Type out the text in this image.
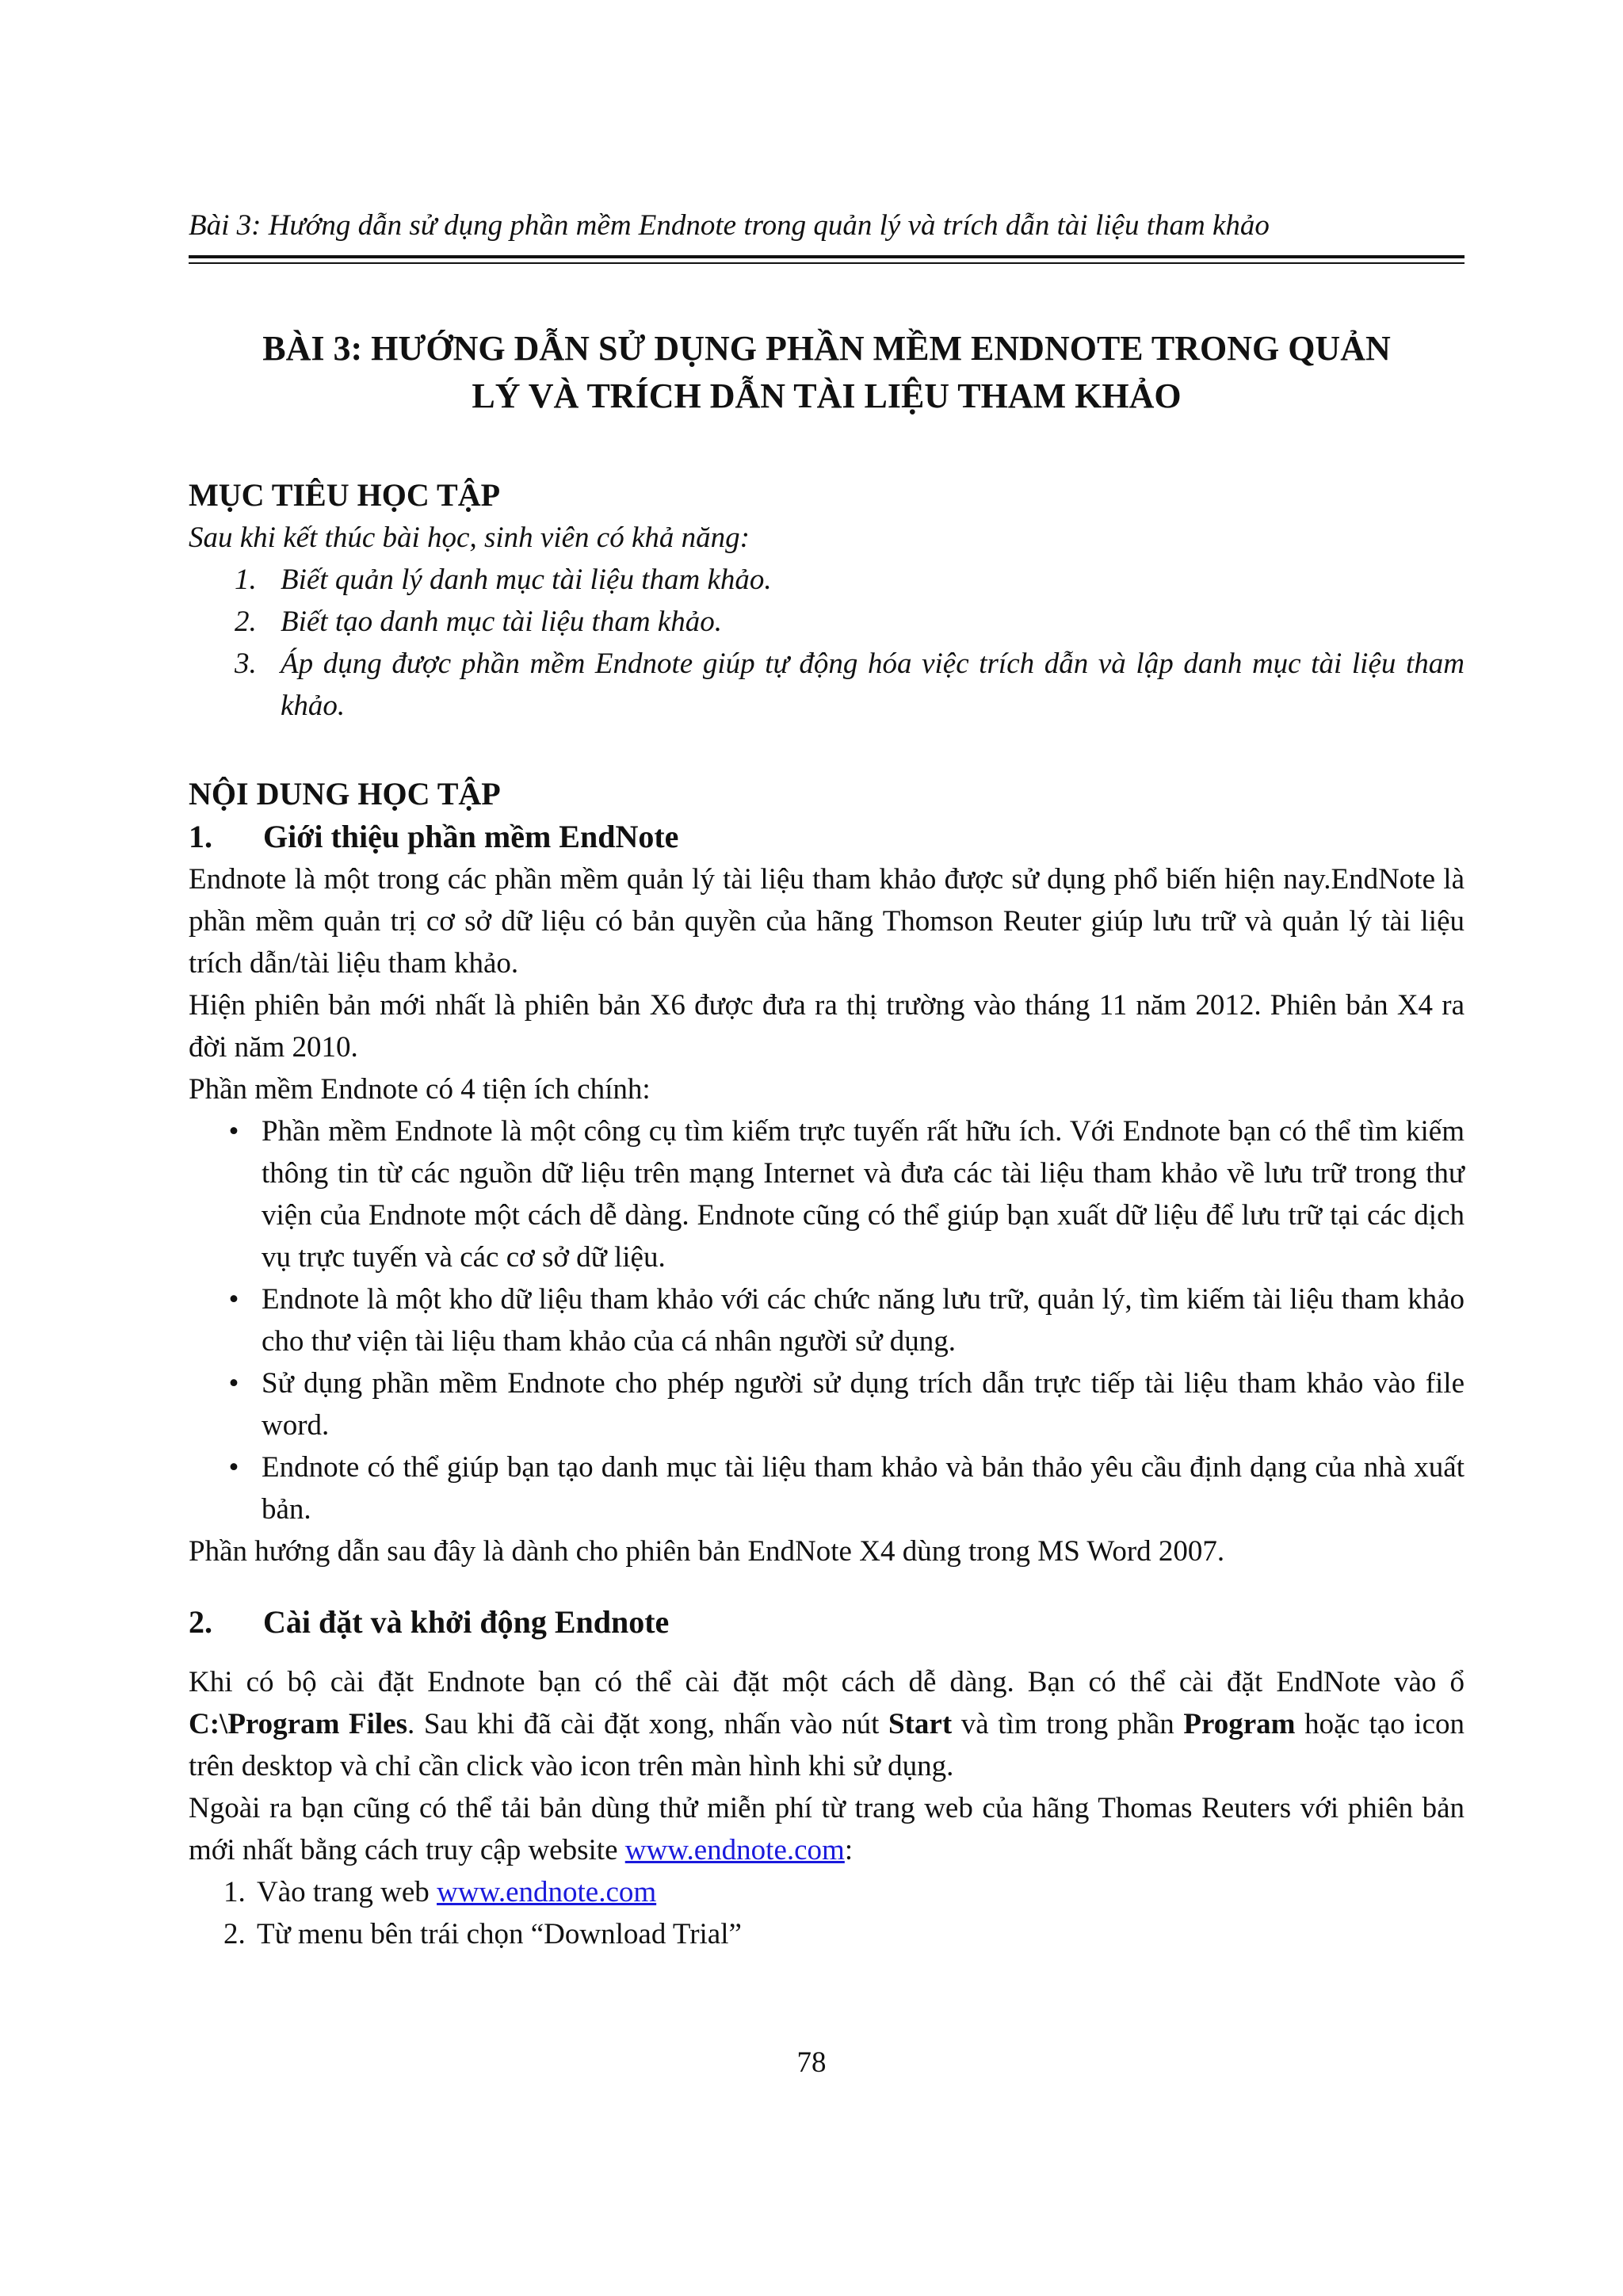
Bài 3: Hướng dẫn sử dụng phần mềm Endnote trong quản lý và trích dẫn tài liệu tham khảo
BÀI 3: HƯỚNG DẪN SỬ DỤNG PHẦN MỀM ENDNOTE TRONG QUẢN
LÝ VÀ TRÍCH DẪN TÀI LIỆU THAM KHẢO
MỤC TIÊU HỌC TẬP

Sau khi kết thúc bài học, sinh viên có khả năng:

1. Biết quản lý danh mục tài liệu tham khảo.
2. Biết tạo danh mục tài liệu tham khảo.
3. Áp dụng được phần mềm Endnote giúp tự động hóa việc trích dẫn và lập danh mục tài liệu tham khảo.
NỘI DUNG HỌC TẬP
1.	Giới thiệu phần mềm EndNote

Endnote là một trong các phần mềm quản lý tài liệu tham khảo được sử dụng phổ biến hiện nay.EndNote là phần mềm quản trị cơ sở dữ liệu có bản quyền của hãng Thomson Reuter giúp lưu trữ và quản lý tài liệu trích dẫn/tài liệu tham khảo.

Hiện phiên bản mới nhất là phiên bản X6 được đưa ra thị trường vào tháng 11 năm 2012. Phiên bản X4 ra đời năm 2010.

Phần mềm Endnote có 4 tiện ích chính:

• Phần mềm Endnote là một công cụ tìm kiếm trực tuyến rất hữu ích. Với Endnote bạn có thể tìm kiếm thông tin từ các nguồn dữ liệu trên mạng Internet và đưa các tài liệu tham khảo về lưu trữ trong thư viện của Endnote một cách dễ dàng. Endnote cũng có thể giúp bạn xuất dữ liệu để lưu trữ tại các dịch vụ trực tuyến và các cơ sở dữ liệu.
• Endnote là một kho dữ liệu tham khảo với các chức năng lưu trữ, quản lý, tìm kiếm tài liệu tham khảo cho thư viện tài liệu tham khảo của cá nhân người sử dụng.
• Sử dụng phần mềm Endnote cho phép người sử dụng trích dẫn trực tiếp tài liệu tham khảo vào file word.
• Endnote có thể giúp bạn tạo danh mục tài liệu tham khảo và bản thảo yêu cầu định dạng của nhà xuất bản.

Phần hướng dẫn sau đây là dành cho phiên bản EndNote X4 dùng trong MS Word 2007.

2.	Cài đặt và khởi động Endnote

Khi có bộ cài đặt Endnote bạn có thể cài đặt một cách dễ dàng. Bạn có thể cài đặt EndNote vào ổ C:\Program Files. Sau khi đã cài đặt xong, nhấn vào nút Start và tìm trong phần Program hoặc tạo icon trên desktop và chỉ cần click vào icon trên màn hình khi sử dụng.

Ngoài ra bạn cũng có thể tải bản dùng thử miễn phí từ trang web của hãng Thomas Reuters với phiên bản mới nhất bằng cách truy cập website www.endnote.com:

1. Vào trang web www.endnote.com
2. Từ menu bên trái chọn “Download Trial”
78
